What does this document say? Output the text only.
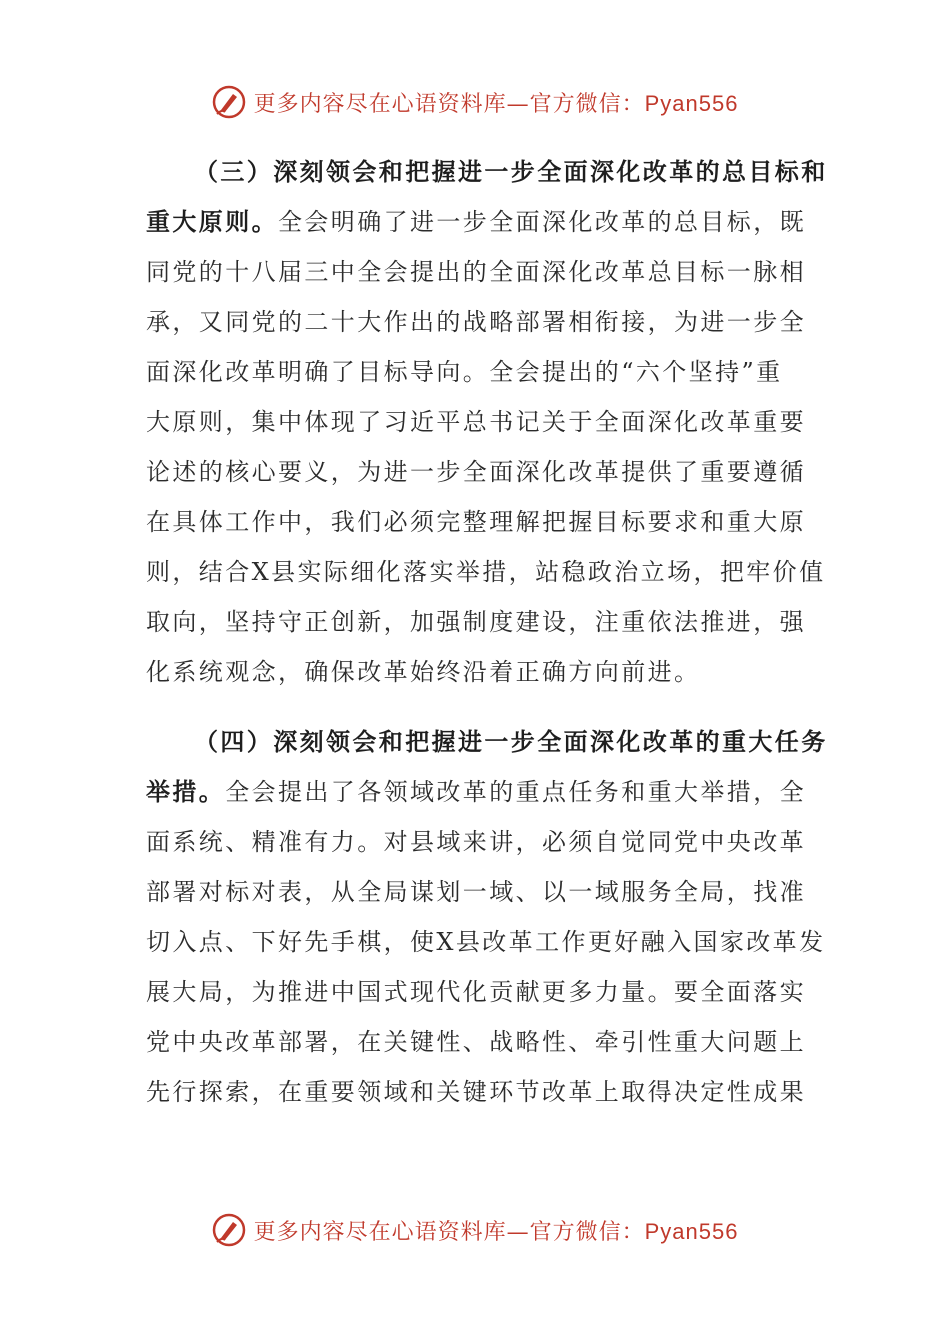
更多内容尽在心语资料库—官方微信：Pyan556
（三）深刻领会和把握进一步全面深化改革的总目标和
重大原则。全会明确了进一步全面深化改革的总目标，既
同党的十八届三中全会提出的全面深化改革总目标一脉相
承，又同党的二十大作出的战略部署相衔接，为进一步全
面深化改革明确了目标导向。全会提出的“六个坚持”重
大原则，集中体现了习近平总书记关于全面深化改革重要
论述的核心要义，为进一步全面深化改革提供了重要遵循
在具体工作中，我们必须完整理解把握目标要求和重大原
则，结合X县实际细化落实举措，站稳政治立场，把牢价值
取向，坚持守正创新，加强制度建设，注重依法推进，强
化系统观念，确保改革始终沿着正确方向前进。
（四）深刻领会和把握进一步全面深化改革的重大任务
举措。全会提出了各领域改革的重点任务和重大举措，全
面系统、精准有力。对县域来讲，必须自觉同党中央改革
部署对标对表，从全局谋划一域、以一域服务全局，找准
切入点、下好先手棋，使X县改革工作更好融入国家改革发
展大局，为推进中国式现代化贡献更多力量。要全面落实
党中央改革部署，在关键性、战略性、牵引性重大问题上
先行探索，在重要领域和关键环节改革上取得决定性成果
更多内容尽在心语资料库—官方微信：Pyan556
